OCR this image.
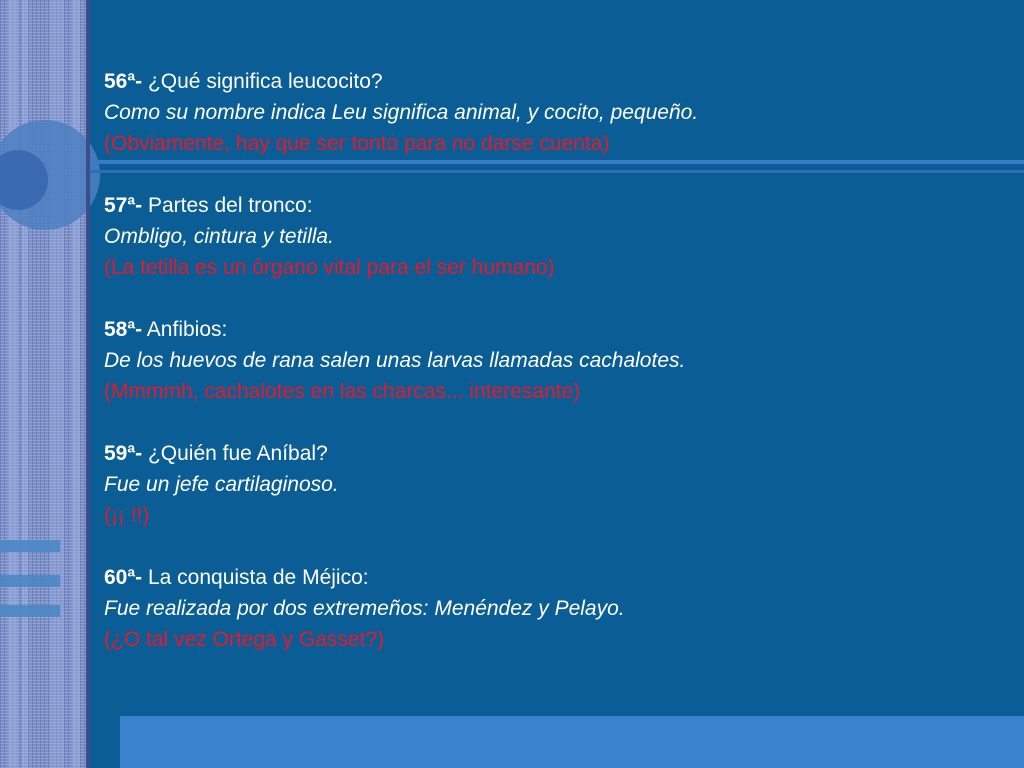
56ª- ¿Qué significa leucocito?

Como su nombre indica Leu significa animal, y cocito, pequeño.

(Obviamente, hay que ser tonto para no darse cuenta)

57ª- Partes del tronco:

Ombligo, cintura y tetilla.

(La tetilla es un órgano vital para el ser humano)

58ª- Anfibios:

De los huevos de rana salen unas larvas llamadas cachalotes.

(Mmmmh, cachalotes en las charcas... interesante)

59ª- ¿Quién fue Aníbal?

Fue un jefe cartilaginoso.

(¡¡ !!)

60ª- La conquista de Méjico:

Fue realizada por dos extremeños: Menéndez y Pelayo.

(¿O tal vez Ortega y Gasset?)
